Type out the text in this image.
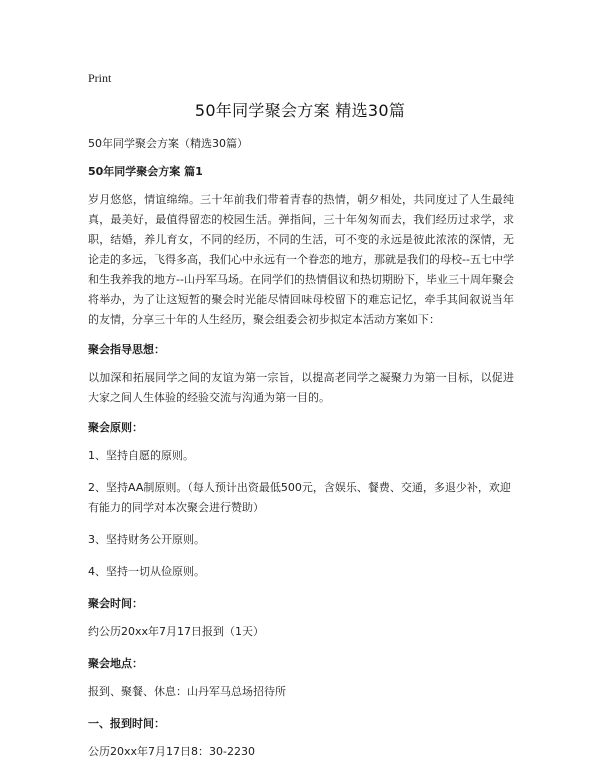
Print
50年同学聚会方案 精选30篇

50年同学聚会方案（精选30篇）

50年同学聚会方案 篇1

岁月悠悠，情谊绵绵。三十年前我们带着青春的热情，朝夕相处，共同度过了人生最纯真，最美好，最值得留恋的校园生活。弹指间，三十年匆匆而去，我们经历过求学，求职，结婚，养儿育女，不同的经历，不同的生活，可不变的永远是彼此浓浓的深情，无论走的多远，飞得多高，我们心中永远有一个眷恋的地方，那就是我们的母校--五七中学和生我养我的地方--山丹军马场。在同学们的热情倡议和热切期盼下，毕业三十周年聚会将举办，为了让这短暂的聚会时光能尽情回味母校留下的难忘记忆，牵手其间叙说当年的友情，分享三十年的人生经历，聚会组委会初步拟定本活动方案如下：

聚会指导思想：

以加深和拓展同学之间的友谊为第一宗旨，以提高老同学之凝聚力为第一目标，以促进大家之间人生体验的经验交流与沟通为第一目的。

聚会原则：

1、坚持自愿的原则。

2、坚持AA制原则。（每人预计出资最低500元，含娱乐、餐费、交通，多退少补，欢迎有能力的同学对本次聚会进行赞助）

3、坚持财务公开原则。

4、坚持一切从俭原则。

聚会时间：

约公历20xx年7月17日报到（1天）

聚会地点：

报到、聚餐、休息：山丹军马总场招待所

一、报到时间：

公历20xx年7月17日8：30-2230
